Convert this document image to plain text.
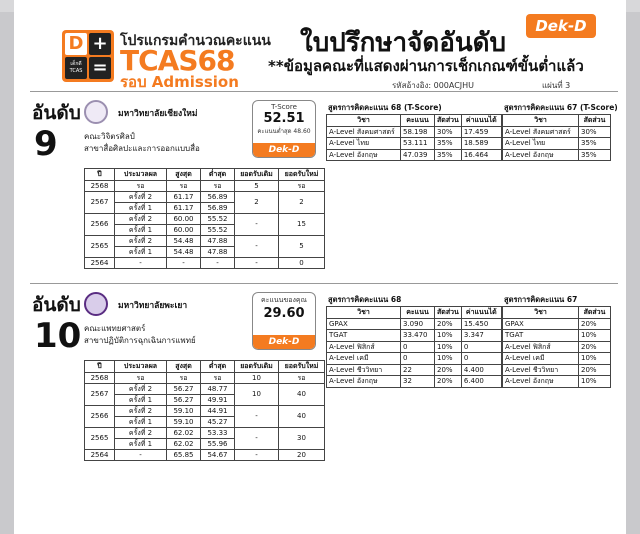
D +
เด็กดี
TCAS =
โปรแกรมคำนวณคะแนน
TCAS68
รอบ Admission
ใบปรึกษาจัดอันดับ
Dek-D
**ข้อมูลคณะที่แสดงผ่านการเช็กเกณฑ์ขั้นต่ำแล้ว
รหัสอ้างอิง: 000ACJHU	แผ่นที่ 3
อันดับ
9
มหาวิทยาลัยเชียงใหม่
คณะวิจิตรศิลป์
สาขาสื่อศิลปะและการออกแบบสื่อ
T-Score
52.51
คะแนนต่ำสุด 48.60
Dek-D
ปี	ประมวลผล	สูงสุด	ต่ำสุด	ยอดรับเดิม	ยอดรับใหม่
2568	รอ	รอ	รอ	5	รอ
2567	ครั้งที่ 2	61.17	56.89	2	2
	ครั้งที่ 1	61.17	56.89		
2566	ครั้งที่ 2	60.00	55.52	-	15
	ครั้งที่ 1	60.00	55.52		
2565	ครั้งที่ 2	54.48	47.88	-	5
	ครั้งที่ 1	54.48	47.88		
2564	-	-	-	-	0
สูตรการคิดคะแนน 68 (T-Score)
วิชา	คะแนน	สัดส่วน	ค่าแนนได้
A-Level สังคมศาสตร์	58.198	30%	17.459
A-Level ไทย	53.111	35%	18.589
A-Level อังกฤษ	47.039	35%	16.464
สูตรการคิดคะแนน 67 (T-Score)
วิชา	สัดส่วน
A-Level สังคมศาสตร์	30%
A-Level ไทย	35%
A-Level อังกฤษ	35%
อันดับ
10
มหาวิทยาลัยพะเยา
คณะแพทยศาสตร์
สาขาปฏิบัติการฉุกเฉินการแพทย์
คะแนนของคุณ
29.60
Dek-D
ปี	ประมวลผล	สูงสุด	ต่ำสุด	ยอดรับเดิม	ยอดรับใหม่
2568	รอ	รอ	รอ	10	รอ
2567	ครั้งที่ 2	56.27	48.77	10	40
	ครั้งที่ 1	56.27	49.91		
2566	ครั้งที่ 2	59.10	44.91	-	40
	ครั้งที่ 1	59.10	45.27		
2565	ครั้งที่ 2	62.02	53.33	-	30
	ครั้งที่ 1	62.02	55.96		
2564	-	65.85	54.67	-	20
สูตรการคิดคะแนน 68
วิชา	คะแนน	สัดส่วน	ค่าแนนได้
GPAX	3.090	20%	15.450
TGAT	33.470	10%	3.347
A-Level ฟิสิกส์	0	10%	0
A-Level เคมี	0	10%	0
A-Level ชีววิทยา	22	20%	4.400
A-Level อังกฤษ	32	20%	6.400
สูตรการคิดคะแนน 67
วิชา	สัดส่วน
GPAX	20%
TGAT	10%
A-Level ฟิสิกส์	20%
A-Level เคมี	10%
A-Level ชีววิทยา	20%
A-Level อังกฤษ	10%
